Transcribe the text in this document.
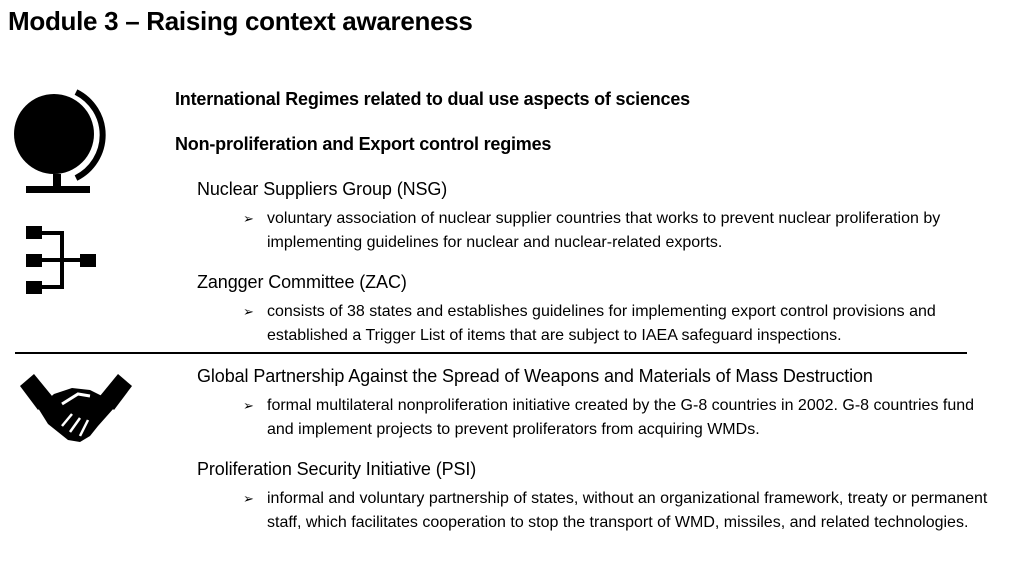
Module 3 – Raising context awareness
International Regimes related to dual use aspects of sciences
Non-proliferation and Export control regimes
Nuclear Suppliers Group (NSG)
➢ voluntary association of nuclear supplier countries that works to prevent nuclear proliferation by implementing guidelines for nuclear and nuclear-related exports.
Zangger Committee (ZAC)
➢ consists of 38 states and establishes guidelines for implementing export control provisions and established a Trigger List of items that are subject to IAEA safeguard inspections.
Global Partnership Against the Spread of Weapons and Materials of Mass Destruction
➢ formal multilateral nonproliferation initiative created by the G-8 countries in 2002. G-8 countries fund and implement projects to prevent proliferators from acquiring WMDs.
Proliferation Security Initiative (PSI)
➢ informal and voluntary partnership of states, without an organizational framework, treaty or permanent staff, which facilitates cooperation to stop the transport of WMD, missiles, and related technologies.
